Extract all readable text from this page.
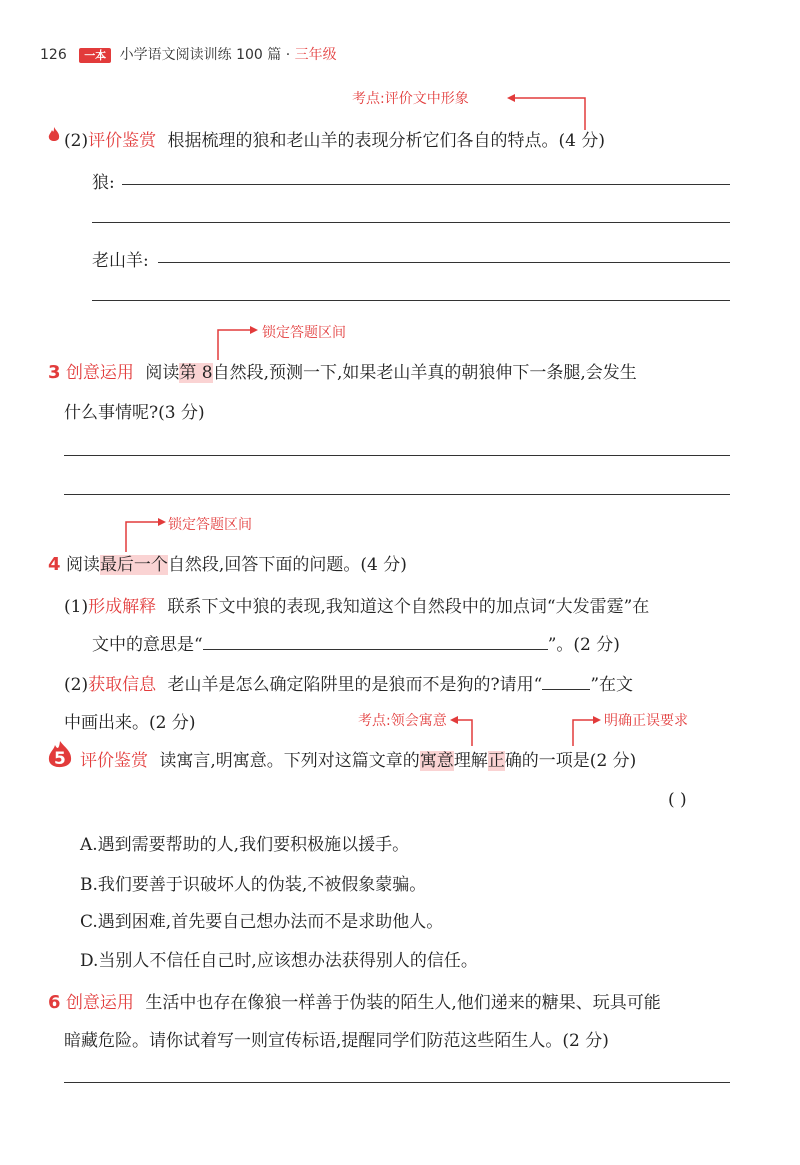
126 一本 小学语文阅读训练 100 篇 · 三年级
考点:评价文中形象
(2)评价鉴赏 根据梳理的狼和老山羊的表现分析它们各自的特点。(4 分)
狼:
老山羊:
锁定答题区间
3 创意运用 阅读第 8自然段,预测一下,如果老山羊真的朝狼伸下一条腿,会发生
什么事情呢?(3 分)
锁定答题区间
4 阅读最后一个自然段,回答下面的问题。(4 分)
(1)形成解释 联系下文中狼的表现,我知道这个自然段中的加点词“大发雷霆”在
文中的意思是“	”。(2 分)
(2)获取信息 老山羊是怎么确定陷阱里的是狼而不是狗的?请用“	”在文
中画出来。(2 分)	考点:领会寓意	明确正误要求
5 评价鉴赏 读寓言,明寓意。下列对这篇文章的寓意理解正确的一项是(2 分)
( )
A.遇到需要帮助的人,我们要积极施以援手。
B.我们要善于识破坏人的伪装,不被假象蒙骗。
C.遇到困难,首先要自己想办法而不是求助他人。
D.当别人不信任自己时,应该想办法获得别人的信任。
6 创意运用 生活中也存在像狼一样善于伪装的陌生人,他们递来的糖果、玩具可能
暗藏危险。请你试着写一则宣传标语,提醒同学们防范这些陌生人。(2 分)
